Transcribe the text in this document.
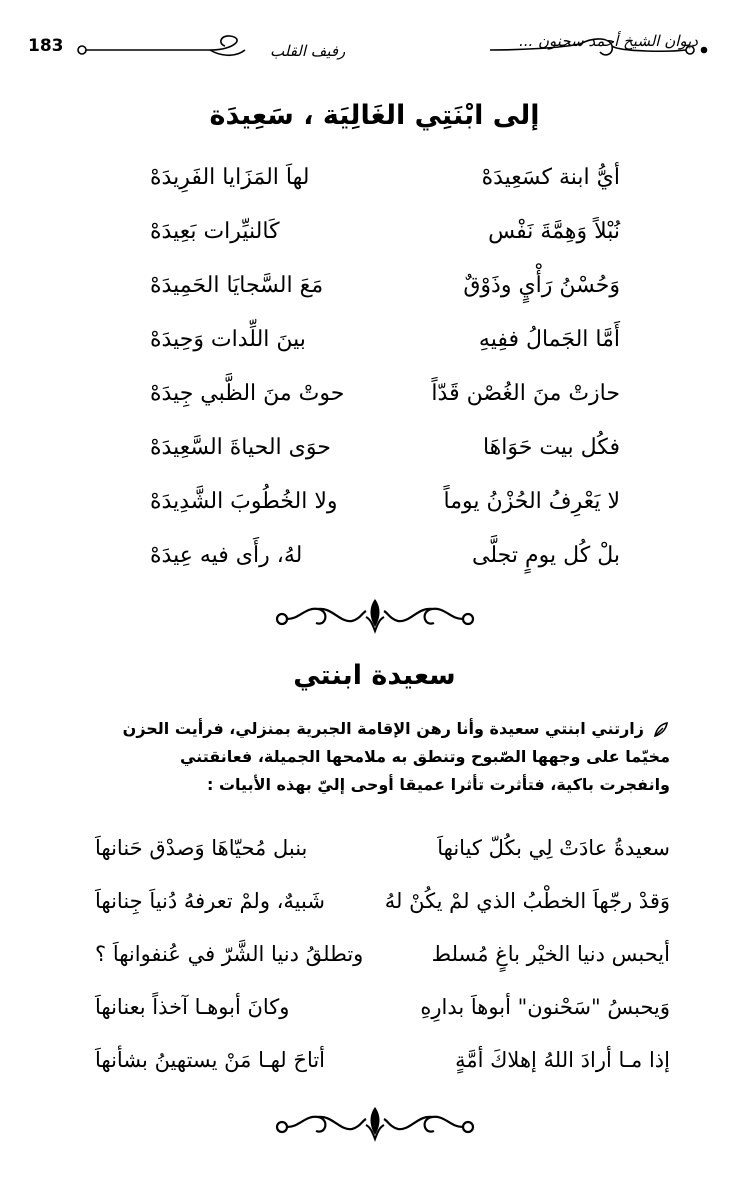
183	ديوان الشيخ أحمد سحنون ...
رفيف القلب
إلى ابْنَتِي الغَالِيَة ، سَعِيدَة
أيُّ ابنة كسَعِيدَهْ
لهاَ المَزَايا الفَرِيدَهْ
نُبْلاً وَهِمَّةَ نَفْس
كَالنيِّرات بَعِيدَهْ
وَحُسْنُ رَأْيٍ وذَوْقٌ
مَعَ السَّجايَا الحَمِيدَهْ
أَمَّا الجَمالُ ففِيهِ
بينَ اللِّدات وَحِيدَهْ
حازتْ منَ الغُصْن قَدّاً
حوتْ منَ الظَّبي جِيدَهْ
فكُل بيت حَوَاهَا
حوَى الحياةَ السَّعِيدَهْ
لا يَعْرِفُ الحُزْنُ يوماً
ولا الخُطُوبَ الشَّدِيدَهْ
بلْ كُل يومٍ تجلَّى
لهُ، رأَى فيه عِيدَهْ
سعيدة ابنتي
زارتني ابنتي سعيدة وأنا رهن الإقامة الجبرية بمنزلي، فرأيت الحزن
مخيّما على وجهها الصّبوح وتنطق به ملامحها الجميلة، فعانقتني
وانفجرت باكية، فتأثرت تأثرا عميقا أوحى إليّ بهذه الأبيات :
سعيدةُ عادَتْ لِي بكُلّ كيانهاَ
بنبل مُحيّاهَا وَصدْق حَنانهاَ
وَقدْ رجّهاَ الخطْبُ الذي لمْ يكُنْ لهُ
شَبيهٌ، ولمْ تعرفهُ دُنياَ جِنانهاَ
أيحبس دنيا الخيْر باغٍ مُسلط
وتطلقُ دنيا الشَّرّ في عُنفوانهاَ ؟
وَيحبسُ "سَحْنون" أبوهاَ بدارِهِ
وكانَ أبوهـا آخذاً بعنانهاَ
إذا مـا أرادَ اللهُ إهلاكَ أمَّةٍ
أتاحَ لهـا مَنْ يستهينُ بشأنهاَ
